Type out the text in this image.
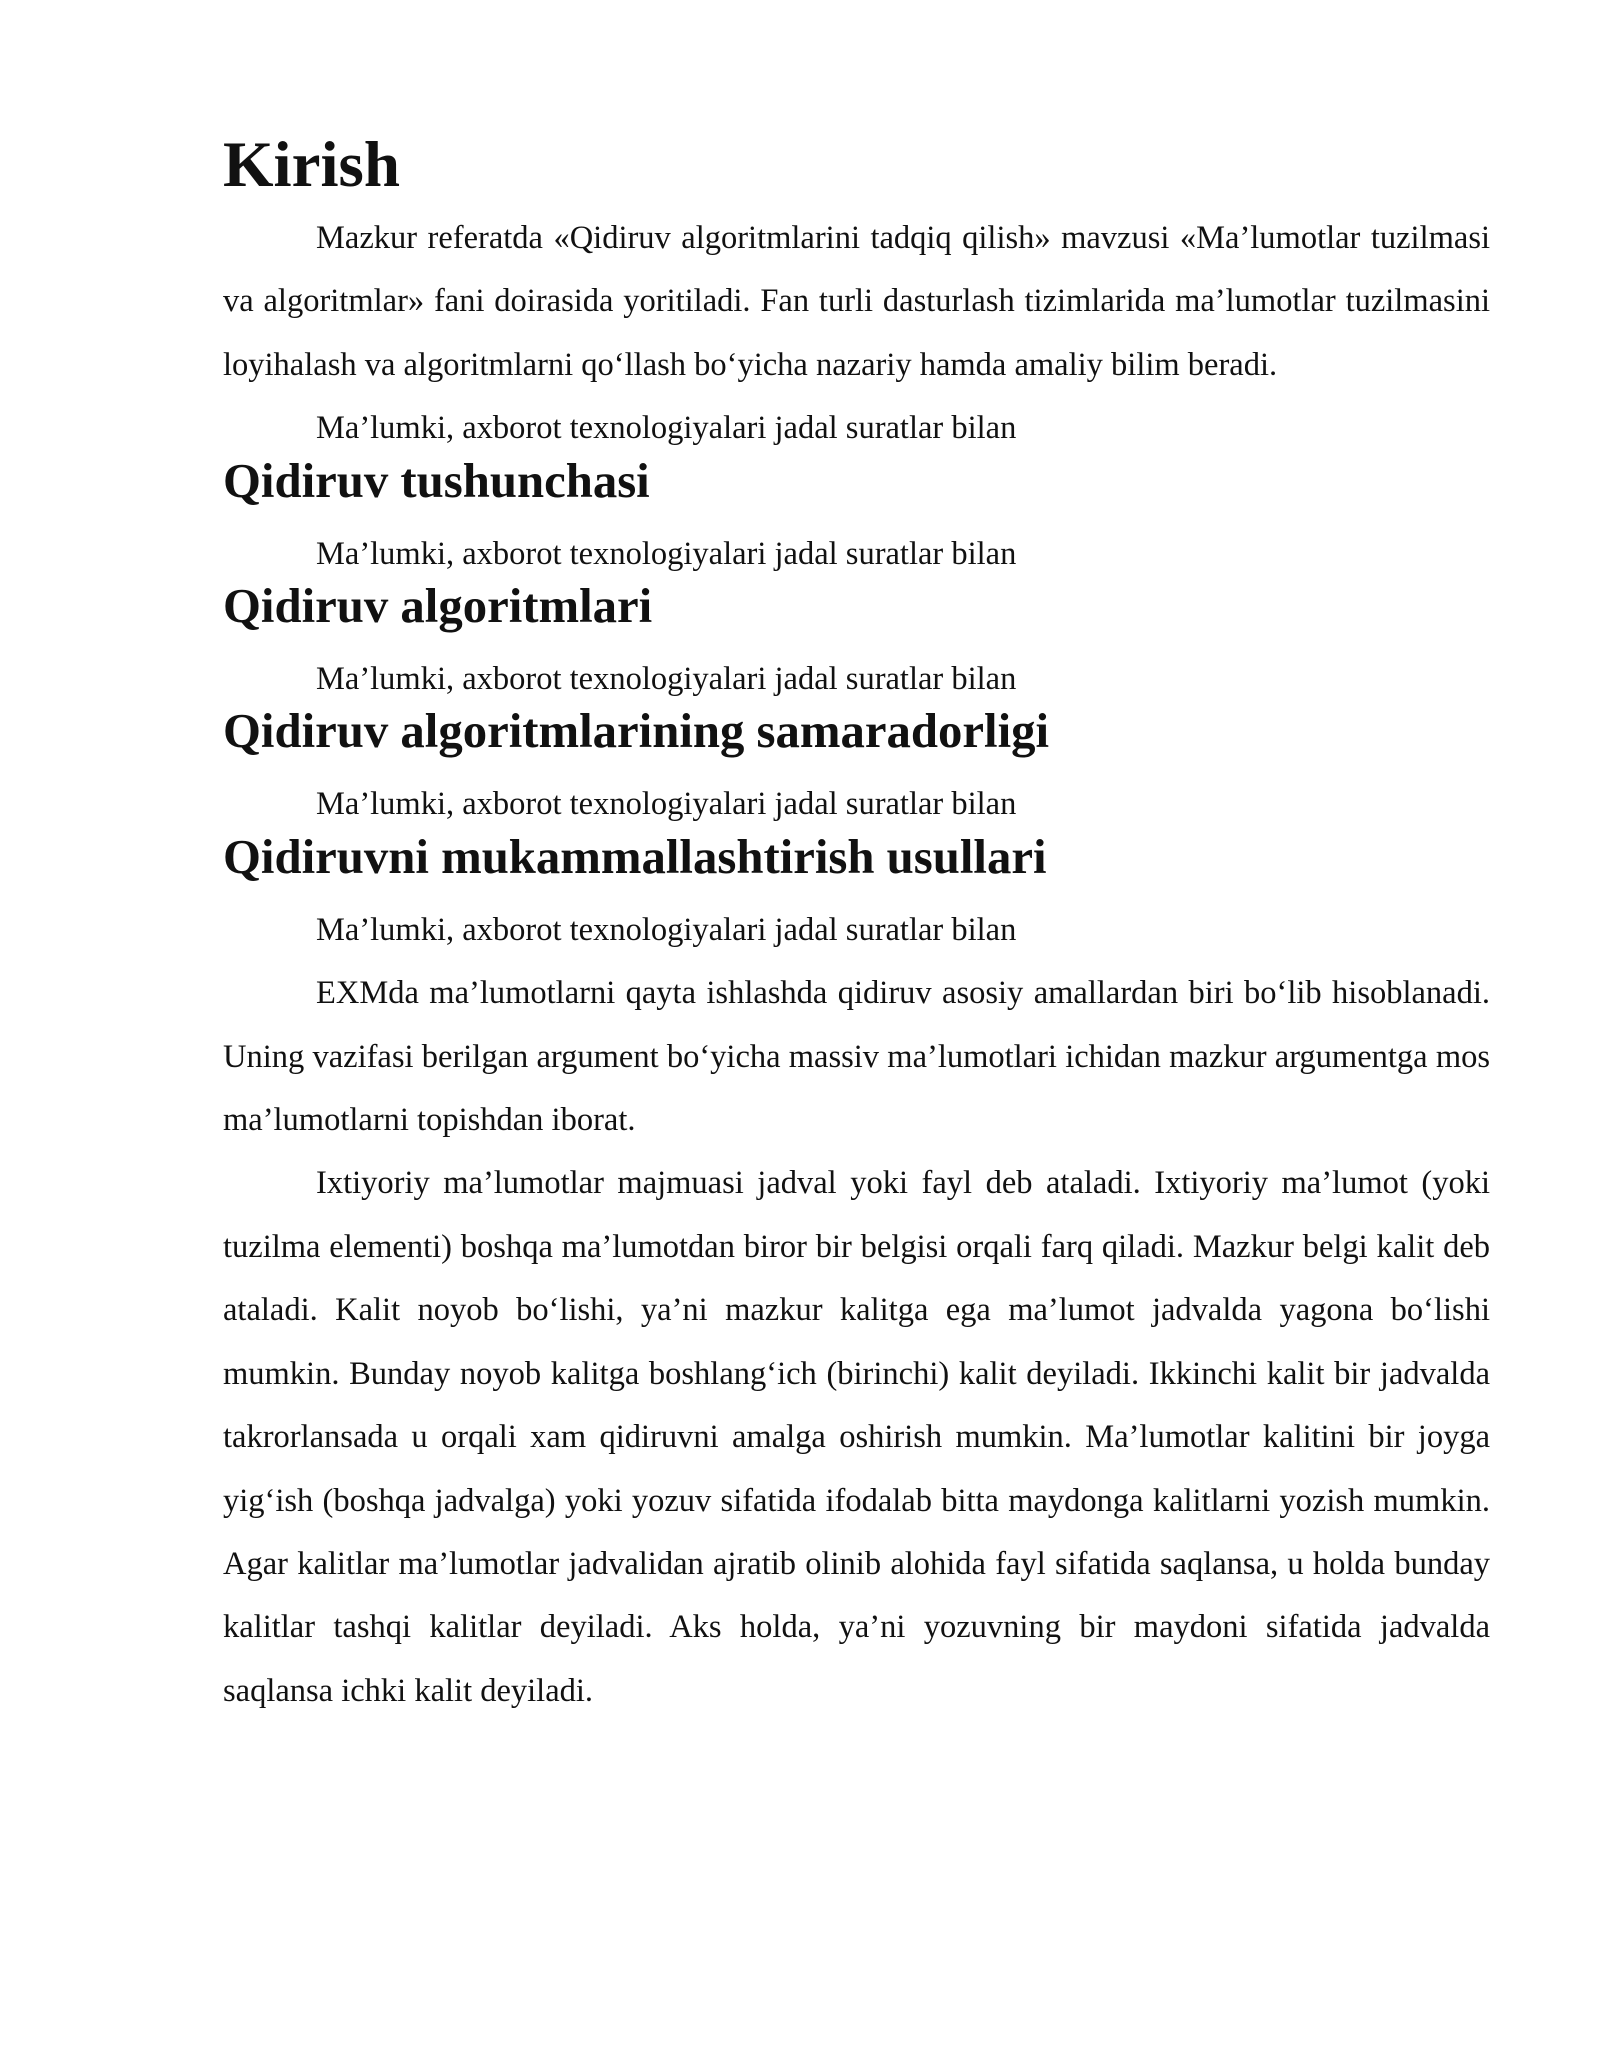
Kirish

Mazkur referatda «Qidiruv algoritmlarini tadqiq qilish» mavzusi «Ma’lumotlar tuzilmasi va algoritmlar» fani doirasida yoritiladi. Fan turli dasturlash tizimlarida ma’lumotlar tuzilmasini loyihalash va algoritmlarni qo‘llash bo‘yicha nazariy hamda amaliy bilim beradi.

Ma’lumki, axborot texnologiyalari jadal suratlar bilan

Qidiruv tushunchasi

Ma’lumki, axborot texnologiyalari jadal suratlar bilan

Qidiruv algoritmlari

Ma’lumki, axborot texnologiyalari jadal suratlar bilan

Qidiruv algoritmlarining samaradorligi

Ma’lumki, axborot texnologiyalari jadal suratlar bilan

Qidiruvni mukammallashtirish usullari

Ma’lumki, axborot texnologiyalari jadal suratlar bilan

EXMda ma’lumotlarni qayta ishlashda qidiruv asosiy amallardan biri bo‘lib hisoblanadi. Uning vazifasi berilgan argument bo‘yicha massiv ma’lumotlari ichidan mazkur argumentga mos ma’lumotlarni topishdan iborat.

Ixtiyoriy ma’lumotlar majmuasi jadval yoki fayl deb ataladi. Ixtiyoriy ma’lumot (yoki tuzilma elementi) boshqa ma’lumotdan biror bir belgisi orqali farq qiladi. Mazkur belgi kalit deb ataladi. Kalit noyob bo‘lishi, ya’ni mazkur kalitga ega ma’lumot jadvalda yagona bo‘lishi mumkin. Bunday noyob kalitga boshlang‘ich (birinchi) kalit deyiladi. Ikkinchi kalit bir jadvalda takrorlansada u orqali xam qidiruvni amalga oshirish mumkin. Ma’lumotlar kalitini bir joyga yig‘ish (boshqa jadvalga) yoki yozuv sifatida ifodalab bitta maydonga kalitlarni yozish mumkin. Agar kalitlar ma’lumotlar jadvalidan ajratib olinib alohida fayl sifatida saqlansa, u holda bunday kalitlar tashqi kalitlar deyiladi. Aks holda, ya’ni yozuvning bir maydoni sifatida jadvalda saqlansa ichki kalit deyiladi.
